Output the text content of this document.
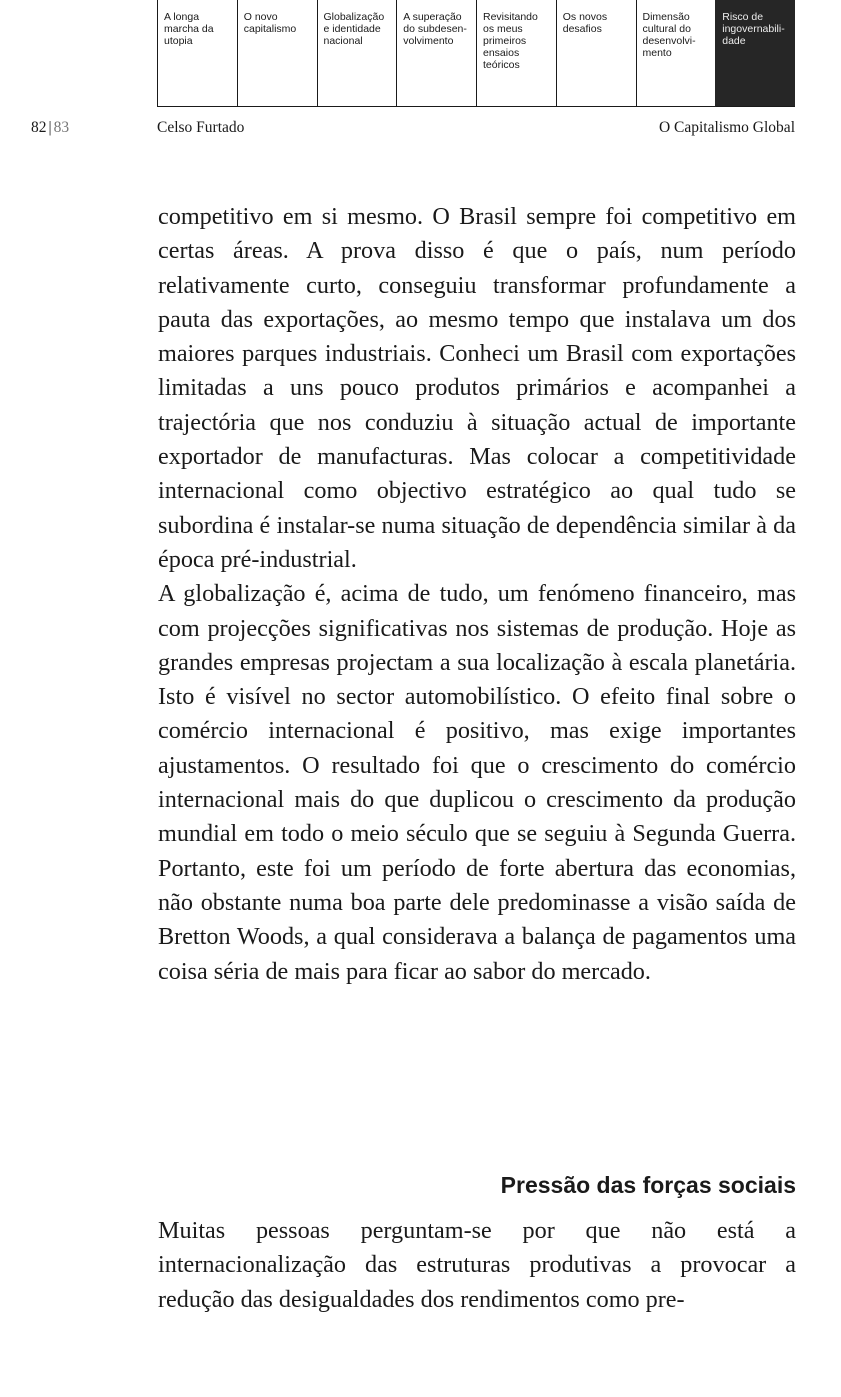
A longa
marcha da
utopia
O novo
capitalismo
Globalização
e identidade
nacional
A superação
do subdesen-
volvimento
Revisitando
os meus
primeiros
ensaios
teóricos
Os novos
desafios
Dimensão
cultural do
desenvolvi-
mento
Risco de
ingovernabili-
dade
82 | 83	Celso Furtado	O Capitalismo Global

competitivo em si mesmo. O Brasil sempre foi competitivo em certas áreas. A prova disso é que o país, num período relativamente curto, conseguiu transformar profundamente a pauta das exportações, ao mesmo tempo que instalava um dos maiores parques industriais. Conheci um Brasil com exportações limitadas a uns pouco produtos primários e acompanhei a trajectória que nos conduziu à situação actual de importante exportador de manufacturas. Mas colocar a competitividade internacional como objectivo estratégico ao qual tudo se subordina é instalar-se numa situação de dependência similar à da época pré-industrial.

A globalização é, acima de tudo, um fenómeno financeiro, mas com projecções significativas nos sistemas de produção. Hoje as grandes empresas projectam a sua localização à escala planetária. Isto é visível no sector automobilístico. O efeito final sobre o comércio internacional é positivo, mas exige importantes ajustamentos. O resultado foi que o crescimento do comércio internacional mais do que duplicou o crescimento da produção mundial em todo o meio século que se seguiu à Segunda Guerra. Portanto, este foi um período de forte abertura das economias, não obstante numa boa parte dele predominasse a visão saída de Bretton Woods, a qual considerava a balança de pagamentos uma coisa séria de mais para ficar ao sabor do mercado.

Pressão das forças sociais

Muitas pessoas perguntam-se por que não está a internacionalização das estruturas produtivas a provocar a redução das desigualdades dos rendimentos como pre-
